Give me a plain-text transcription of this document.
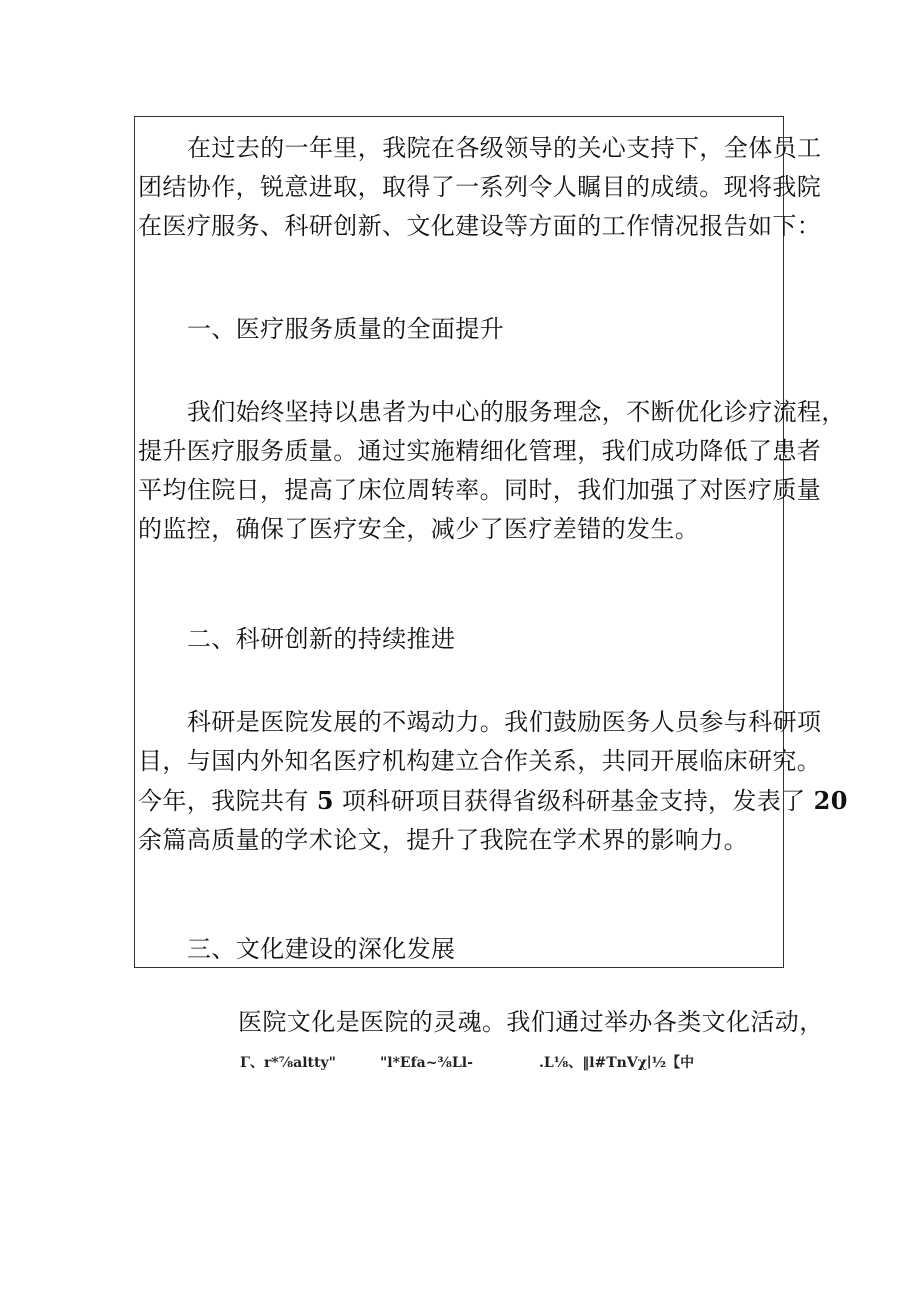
在过去的一年里，我院在各级领导的关心支持下，全体员工
团结协作，锐意进取，取得了一系列令人瞩目的成绩。现将我院
在医疗服务、科研创新、文化建设等方面的工作情况报告如下：

一、医疗服务质量的全面提升

我们始终坚持以患者为中心的服务理念，不断优化诊疗流程，
提升医疗服务质量。通过实施精细化管理，我们成功降低了患者
平均住院日，提高了床位周转率。同时，我们加强了对医疗质量
的监控，确保了医疗安全，减少了医疗差错的发生。

二、科研创新的持续推进

科研是医院发展的不竭动力。我们鼓励医务人员参与科研项
目，与国内外知名医疗机构建立合作关系，共同开展临床研究。
今年，我院共有 5 项科研项目获得省级科研基金支持，发表了 20
余篇高质量的学术论文，提升了我院在学术界的影响力。

三、文化建设的深化发展
医院文化是医院的灵魂。我们通过举办各类文化活动，
Γ、r*⅞altty"	"l*Efa~⅜Ll-	.L⅛、‖l#TnVχ∣½【中
